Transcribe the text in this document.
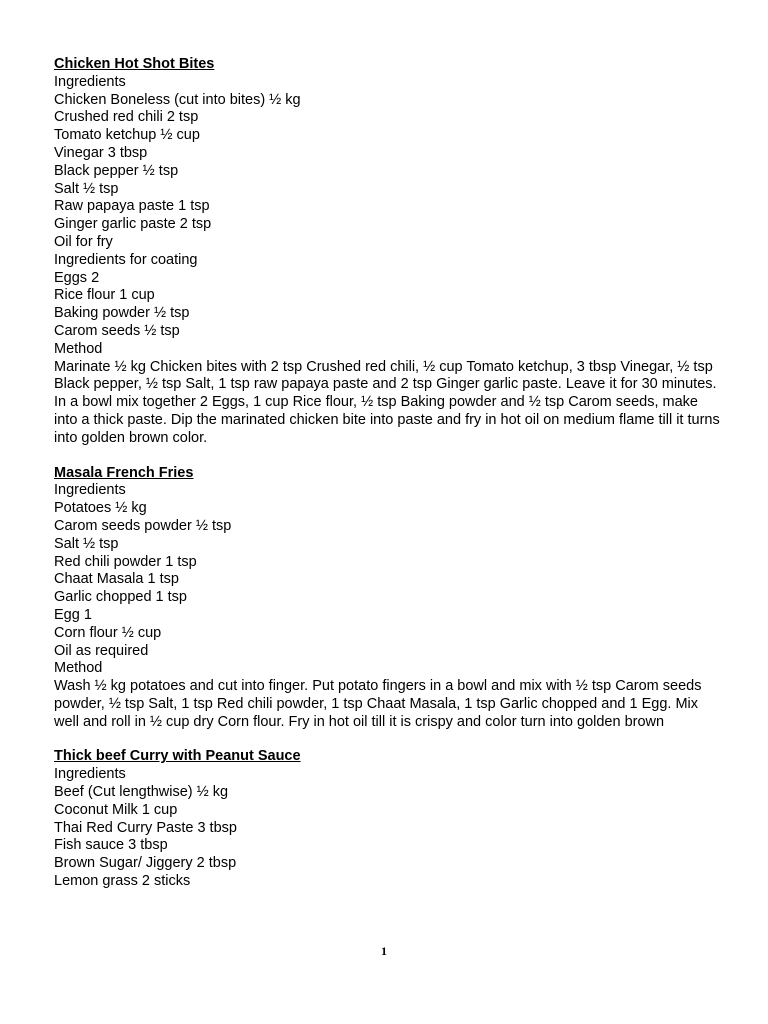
Chicken Hot Shot Bites

Ingredients

Chicken Boneless (cut into bites) ½ kg

Crushed red chili 2 tsp

Tomato ketchup ½ cup

Vinegar 3 tbsp

Black pepper ½ tsp

Salt ½ tsp

Raw papaya paste 1 tsp

Ginger garlic paste 2 tsp

Oil for fry

Ingredients for coating

Eggs 2

Rice flour 1 cup

Baking powder ½ tsp

Carom seeds ½ tsp

Method

Marinate ½ kg Chicken bites with 2 tsp Crushed red chili, ½ cup Tomato ketchup, 3 tbsp Vinegar, ½ tsp Black pepper, ½ tsp Salt, 1 tsp raw papaya paste and 2 tsp Ginger garlic paste. Leave it for 30 minutes.

In a bowl mix together 2 Eggs, 1 cup Rice flour, ½ tsp Baking powder and ½ tsp Carom seeds, make into a thick paste. Dip the marinated chicken bite into paste and fry in hot oil on medium flame till it turns into golden brown color.

Masala French Fries

Ingredients

Potatoes ½ kg

Carom seeds powder ½ tsp

Salt ½ tsp

Red chili powder 1 tsp

Chaat Masala 1 tsp

Garlic chopped 1 tsp

Egg 1

Corn flour ½ cup

Oil as required

Method

Wash ½ kg potatoes and cut into finger. Put potato fingers in a bowl and mix with ½ tsp Carom seeds powder, ½ tsp Salt, 1 tsp Red chili powder, 1 tsp Chaat Masala, 1 tsp Garlic chopped and 1 Egg. Mix well and roll in ½ cup dry Corn flour. Fry in hot oil till it is crispy and color turn into golden brown

Thick beef Curry with Peanut Sauce

Ingredients

Beef (Cut lengthwise) ½ kg

Coconut Milk 1 cup

Thai Red Curry Paste 3 tbsp

Fish sauce 3 tbsp

Brown Sugar/ Jiggery 2 tbsp

Lemon grass 2 sticks

1
